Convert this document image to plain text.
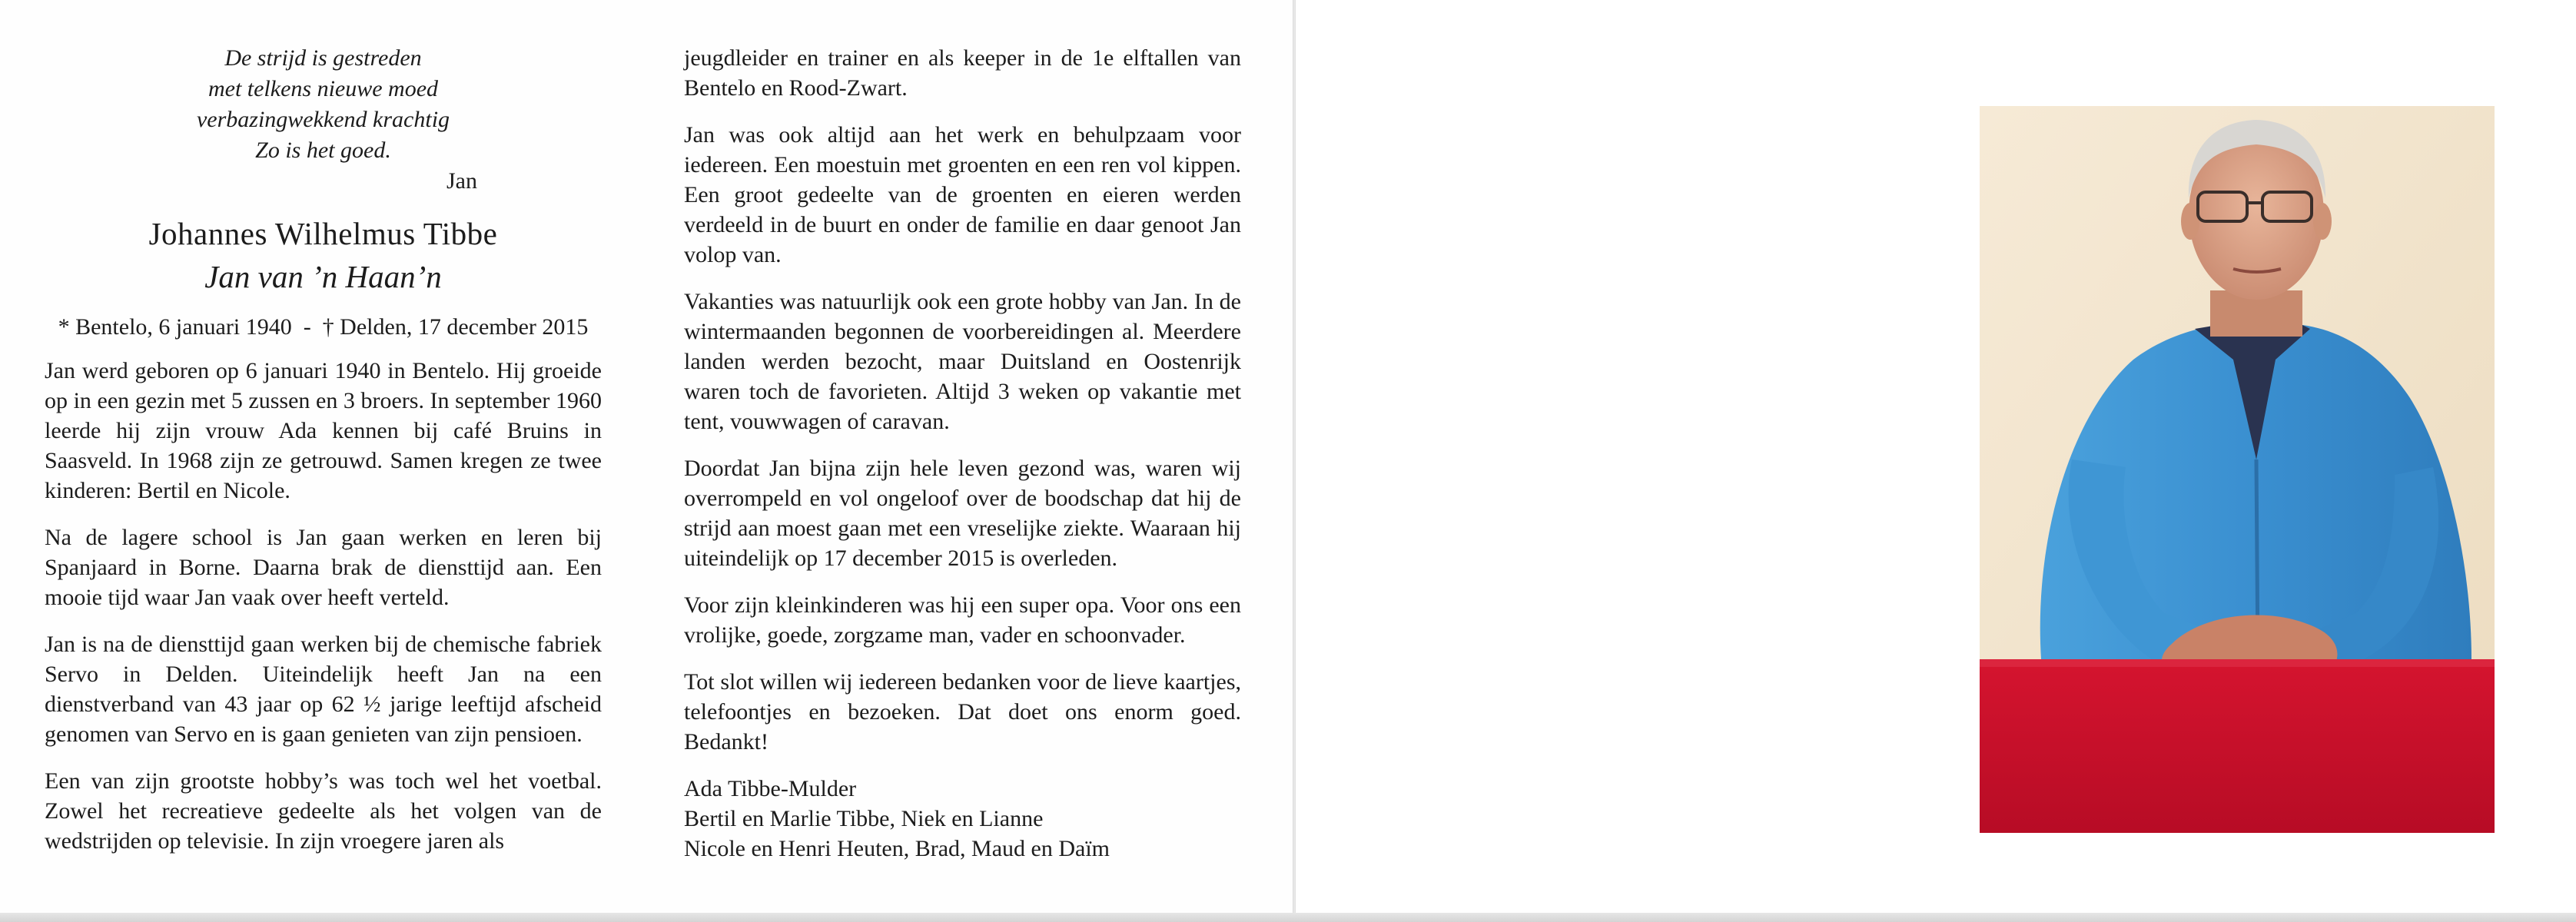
De strijd is gestreden
met telkens nieuwe moed
verbazingwekkend krachtig
Zo is het goed.
Jan
Johannes Wilhelmus Tibbe
Jan van ’n Haan’n
* Bentelo, 6 januari 1940  -  † Delden, 17 december 2015

Jan werd geboren op 6 januari 1940 in Bentelo. Hij groeide op in een gezin met 5 zussen en 3 broers. In september 1960 leerde hij zijn vrouw Ada kennen bij café Bruins in Saasveld. In 1968 zijn ze getrouwd. Samen kregen ze twee kinderen: Bertil en Nicole.

Na de lagere school is Jan gaan werken en leren bij Spanjaard in Borne. Daarna brak de diensttijd aan. Een mooie tijd waar Jan vaak over heeft verteld.

Jan is na de diensttijd gaan werken bij de chemische fabriek Servo in Delden. Uiteindelijk heeft Jan na een dienstverband van 43 jaar op 62 ½ jarige leeftijd afscheid genomen van Servo en is gaan genieten van zijn pensioen.

Een van zijn grootste hobby’s was toch wel het voetbal. Zowel het recreatieve gedeelte als het volgen van de wedstrijden op televisie. In zijn vroegere jaren als

jeugdleider en trainer en als keeper in de 1e elftallen van Bentelo en Rood-Zwart.

Jan was ook altijd aan het werk en behulpzaam voor iedereen. Een moestuin met groenten en een ren vol kippen. Een groot gedeelte van de groenten en eieren werden verdeeld in de buurt en onder de familie en daar genoot Jan volop van.

Vakanties was natuurlijk ook een grote hobby van Jan. In de wintermaanden begonnen de voorbereidingen al. Meerdere landen werden bezocht, maar Duitsland en Oostenrijk waren toch de favorieten. Altijd 3 weken op vakantie met tent, vouwwagen of caravan.

Doordat Jan bijna zijn hele leven gezond was, waren wij overrompeld en vol ongeloof over de boodschap dat hij de strijd aan moest gaan met een vreselijke ziekte. Waaraan hij uiteindelijk op 17 december 2015 is overleden.

Voor zijn kleinkinderen was hij een super opa. Voor ons een vrolijke, goede, zorgzame man, vader en schoonvader.

Tot slot willen wij iedereen bedanken voor de lieve kaartjes, telefoontjes en bezoeken. Dat doet ons enorm goed. Bedankt!

Ada Tibbe-Mulder
Bertil en Marlie Tibbe, Niek en Lianne
Nicole en Henri Heuten, Brad, Maud en Daïm
